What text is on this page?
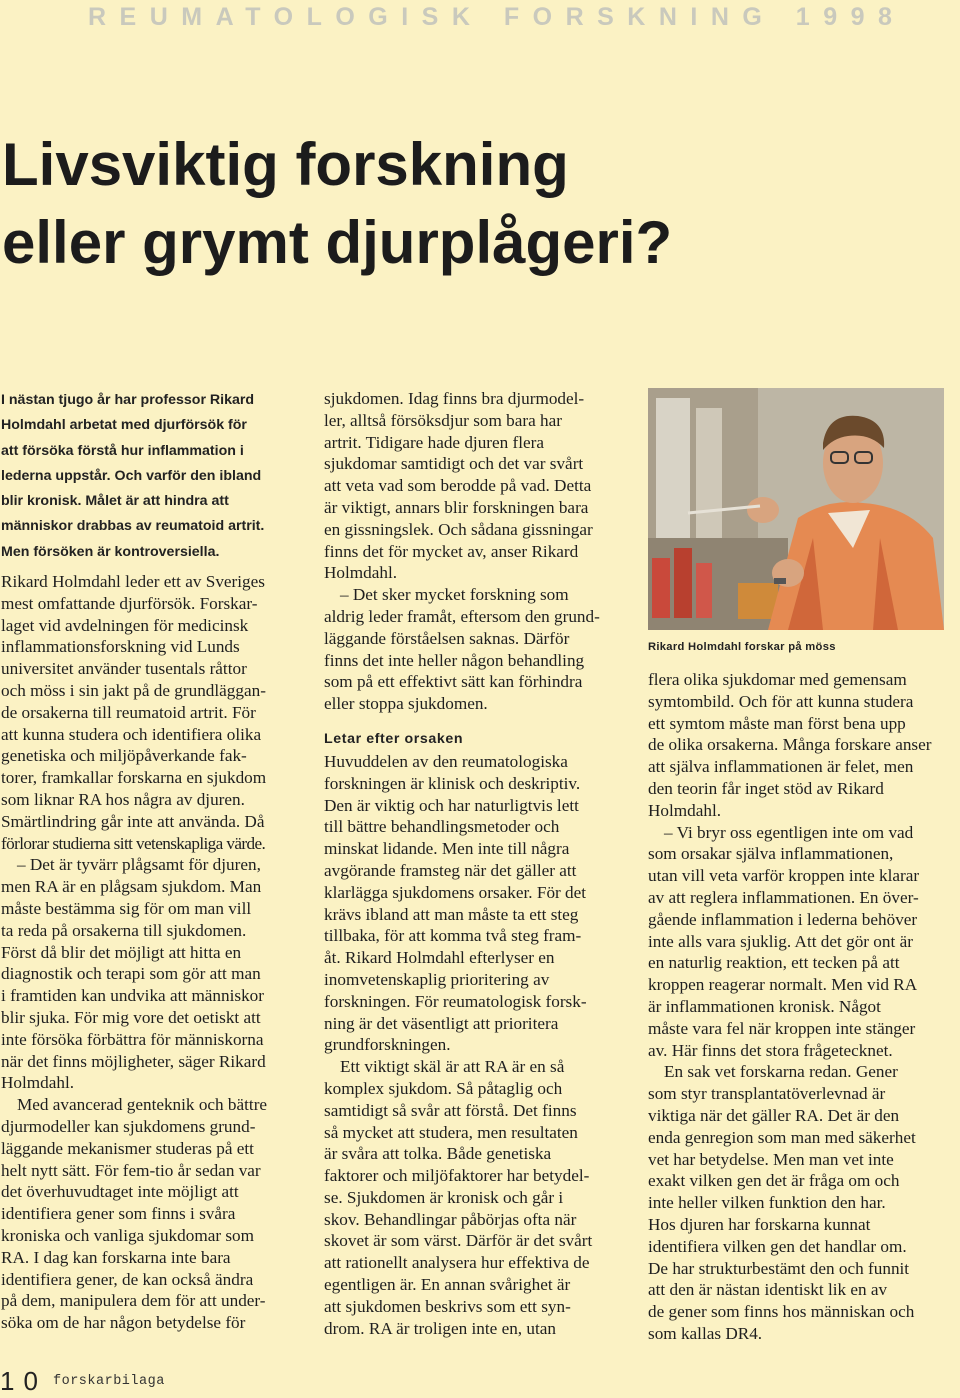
REUMATOLOGISK FORSKNING 1998
Livsviktig forskning
eller grymt djurplågeri?
I nästan tjugo år har professor Rikard
Holmdahl arbetat med djurförsök för
att försöka förstå hur inflammation i
lederna uppstår. Och varför den ibland
blir kronisk. Målet är att hindra att
människor drabbas av reumatoid artrit.
Men försöken är kontroversiella.
Rikard Holmdahl leder ett av Sveriges
mest omfattande djurförsök. Forskar-
laget vid avdelningen för medicinsk
inflammationsforskning vid Lunds
universitet använder tusentals råttor
och möss i sin jakt på de grundläggan-
de orsakerna till reumatoid artrit. För
att kunna studera och identifiera olika
genetiska och miljöpåverkande fak-
torer, framkallar forskarna en sjukdom
som liknar RA hos några av djuren.
Smärtlindring går inte att använda. Då
förlorar studierna sitt vetenskapliga värde.
– Det är tyvärr plågsamt för djuren,
men RA är en plågsam sjukdom. Man
måste bestämma sig för om man vill
ta reda på orsakerna till sjukdomen.
Först då blir det möjligt att hitta en
diagnostik och terapi som gör att man
i framtiden kan undvika att människor
blir sjuka. För mig vore det oetiskt att
inte försöka förbättra för människorna
när det finns möjligheter, säger Rikard
Holmdahl.
Med avancerad genteknik och bättre
djurmodeller kan sjukdomens grund-
läggande mekanismer studeras på ett
helt nytt sätt. För fem-tio år sedan var
det överhuvudtaget inte möjligt att
identifiera gener som finns i svåra
kroniska och vanliga sjukdomar som
RA. I dag kan forskarna inte bara
identifiera gener, de kan också ändra
på dem, manipulera dem för att under-
söka om de har någon betydelse för
sjukdomen. Idag finns bra djurmodel-
ler, alltså försöksdjur som bara har
artrit. Tidigare hade djuren flera
sjukdomar samtidigt och det var svårt
att veta vad som berodde på vad. Detta
är viktigt, annars blir forskningen bara
en gissningslek. Och sådana gissningar
finns det för mycket av, anser Rikard
Holmdahl.
– Det sker mycket forskning som
aldrig leder framåt, eftersom den grund-
läggande förståelsen saknas. Därför
finns det inte heller någon behandling
som på ett effektivt sätt kan förhindra
eller stoppa sjukdomen.
Letar efter orsaken
Huvuddelen av den reumatologiska
forskningen är klinisk och deskriptiv.
Den är viktig och har naturligtvis lett
till bättre behandlingsmetoder och
minskat lidande. Men inte till några
avgörande framsteg när det gäller att
klarlägga sjukdomens orsaker. För det
krävs ibland att man måste ta ett steg
tillbaka, för att komma två steg fram-
åt. Rikard Holmdahl efterlyser en
inomvetenskaplig prioritering av
forskningen. För reumatologisk forsk-
ning är det väsentligt att prioritera
grundforskningen.
Ett viktigt skäl är att RA är en så
komplex sjukdom. Så påtaglig och
samtidigt så svår att förstå. Det finns
så mycket att studera, men resultaten
är svåra att tolka. Både genetiska
faktorer och miljöfaktorer har betydel-
se. Sjukdomen är kronisk och går i
skov. Behandlingar påbörjas ofta när
skovet är som värst. Därför är det svårt
att rationellt analysera hur effektiva de
egentligen är. En annan svårighet är
att sjukdomen beskrivs som ett syn-
drom. RA är troligen inte en, utan
Rikard Holmdahl forskar på möss
flera olika sjukdomar med gemensam
symtombild. Och för att kunna studera
ett symtom måste man först bena upp
de olika orsakerna. Många forskare anser
att själva inflammationen är felet, men
den teorin får inget stöd av Rikard
Holmdahl.
– Vi bryr oss egentligen inte om vad
som orsakar själva inflammationen,
utan vill veta varför kroppen inte klarar
av att reglera inflammationen. En över-
gående inflammation i lederna behöver
inte alls vara sjuklig. Att det gör ont är
en naturlig reaktion, ett tecken på att
kroppen reagerar normalt. Men vid RA
är inflammationen kronisk. Något
måste vara fel när kroppen inte stänger
av. Här finns det stora frågetecknet.
En sak vet forskarna redan. Gener
som styr transplantatöverlevnad är
viktiga när det gäller RA. Det är den
enda genregion som man med säkerhet
vet har betydelse. Men man vet inte
exakt vilken gen det är fråga om och
inte heller vilken funktion den har.
Hos djuren har forskarna kunnat
identifiera vilken gen det handlar om.
De har strukturbestämt den och funnit
att den är nästan identiskt lik en av
de gener som finns hos människan och
som kallas DR4.
10 forskarbilaga
